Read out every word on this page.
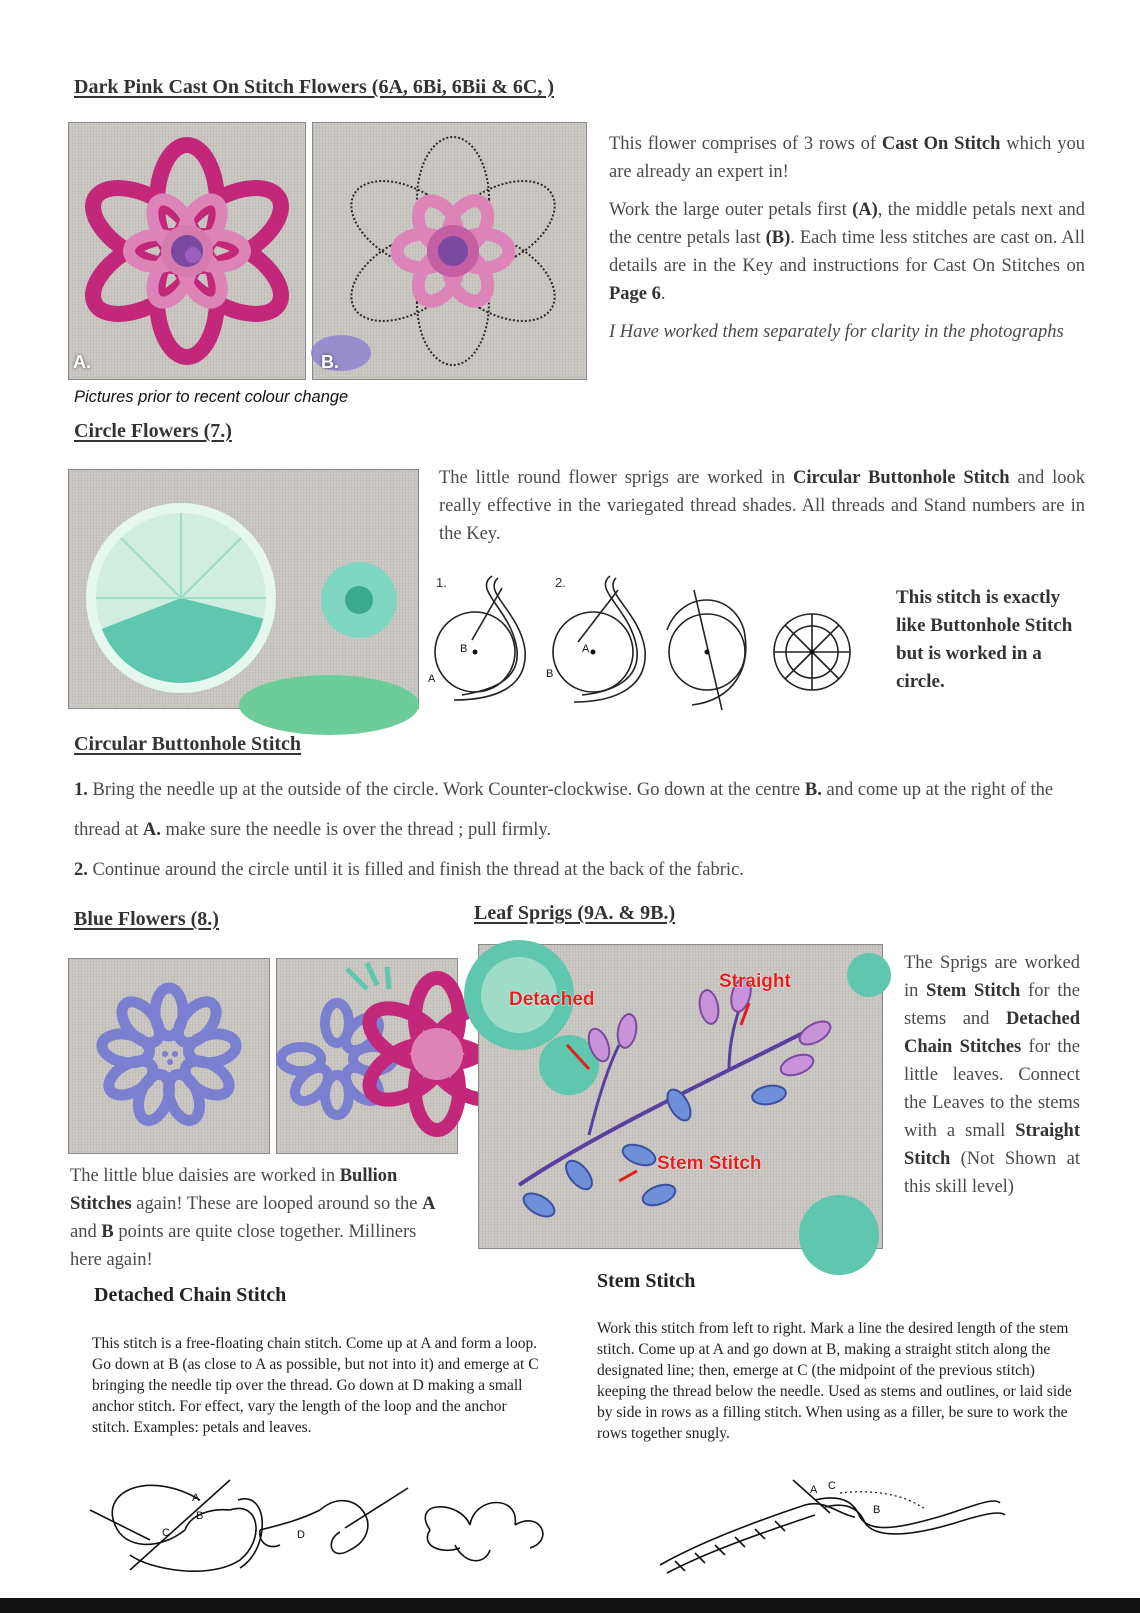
Dark Pink Cast On Stitch Flowers (6A, 6Bi, 6Bii & 6C, )
A.	B.
Pictures prior to recent colour change

This flower comprises of 3 rows of Cast On Stitch which you are already an expert in!

Work the large outer petals first (A), the middle petals next and the centre petals last (B). Each time less stitches are cast on. All details are in the Key and instructions for Cast On Stitches on Page 6.

I Have worked them separately for clarity in the photographs

Circle Flowers (7.)

The little round flower sprigs are worked in Circular Buttonhole Stitch and look really effective in the variegated thread shades. All threads and Stand numbers are in the Key.

1.	2.
B
A
A
B
This stitch is exactly like Buttonhole Stitch but is worked in a circle.
Circular Buttonhole Stitch

1. Bring the needle up at the outside of the circle. Work Counter-clockwise. Go down at the centre B. and come up at the right of the thread at A. make sure the needle is over the thread ; pull firmly.

2. Continue around the circle until it is filled and finish the thread at the back of the fabric.

Blue Flowers (8.)

The little blue daisies are worked in Bullion Stitches again! These are looped around so the A and B points are quite close together. Milliners here again!

Leaf Sprigs (9A. & 9B.)
Detached
Straight
Stem Stitch

The Sprigs are worked in Stem Stitch for the stems and Detached Chain Stitches for the little leaves. Connect the Leaves to the stems with a small Straight Stitch (Not Shown at this skill level)

Detached Chain Stitch

This stitch is a free-floating chain stitch. Come up at A and form a loop. Go down at B (as close to A as possible, but not into it) and emerge at C bringing the needle tip over the thread. Go down at D making a small anchor stitch. For effect, vary the length of the loop and the anchor stitch. Examples: petals and leaves.

A
B
C	D
Stem Stitch

Work this stitch from left to right. Mark a line the desired length of the stem stitch. Come up at A and go down at B, making a straight stitch along the designated line; then, emerge at C (the midpoint of the previous stitch) keeping the thread below the needle. Used as stems and outlines, or laid side by side in rows as a filling stitch. When using as a filler, be sure to work the rows together snugly.

A C
B
